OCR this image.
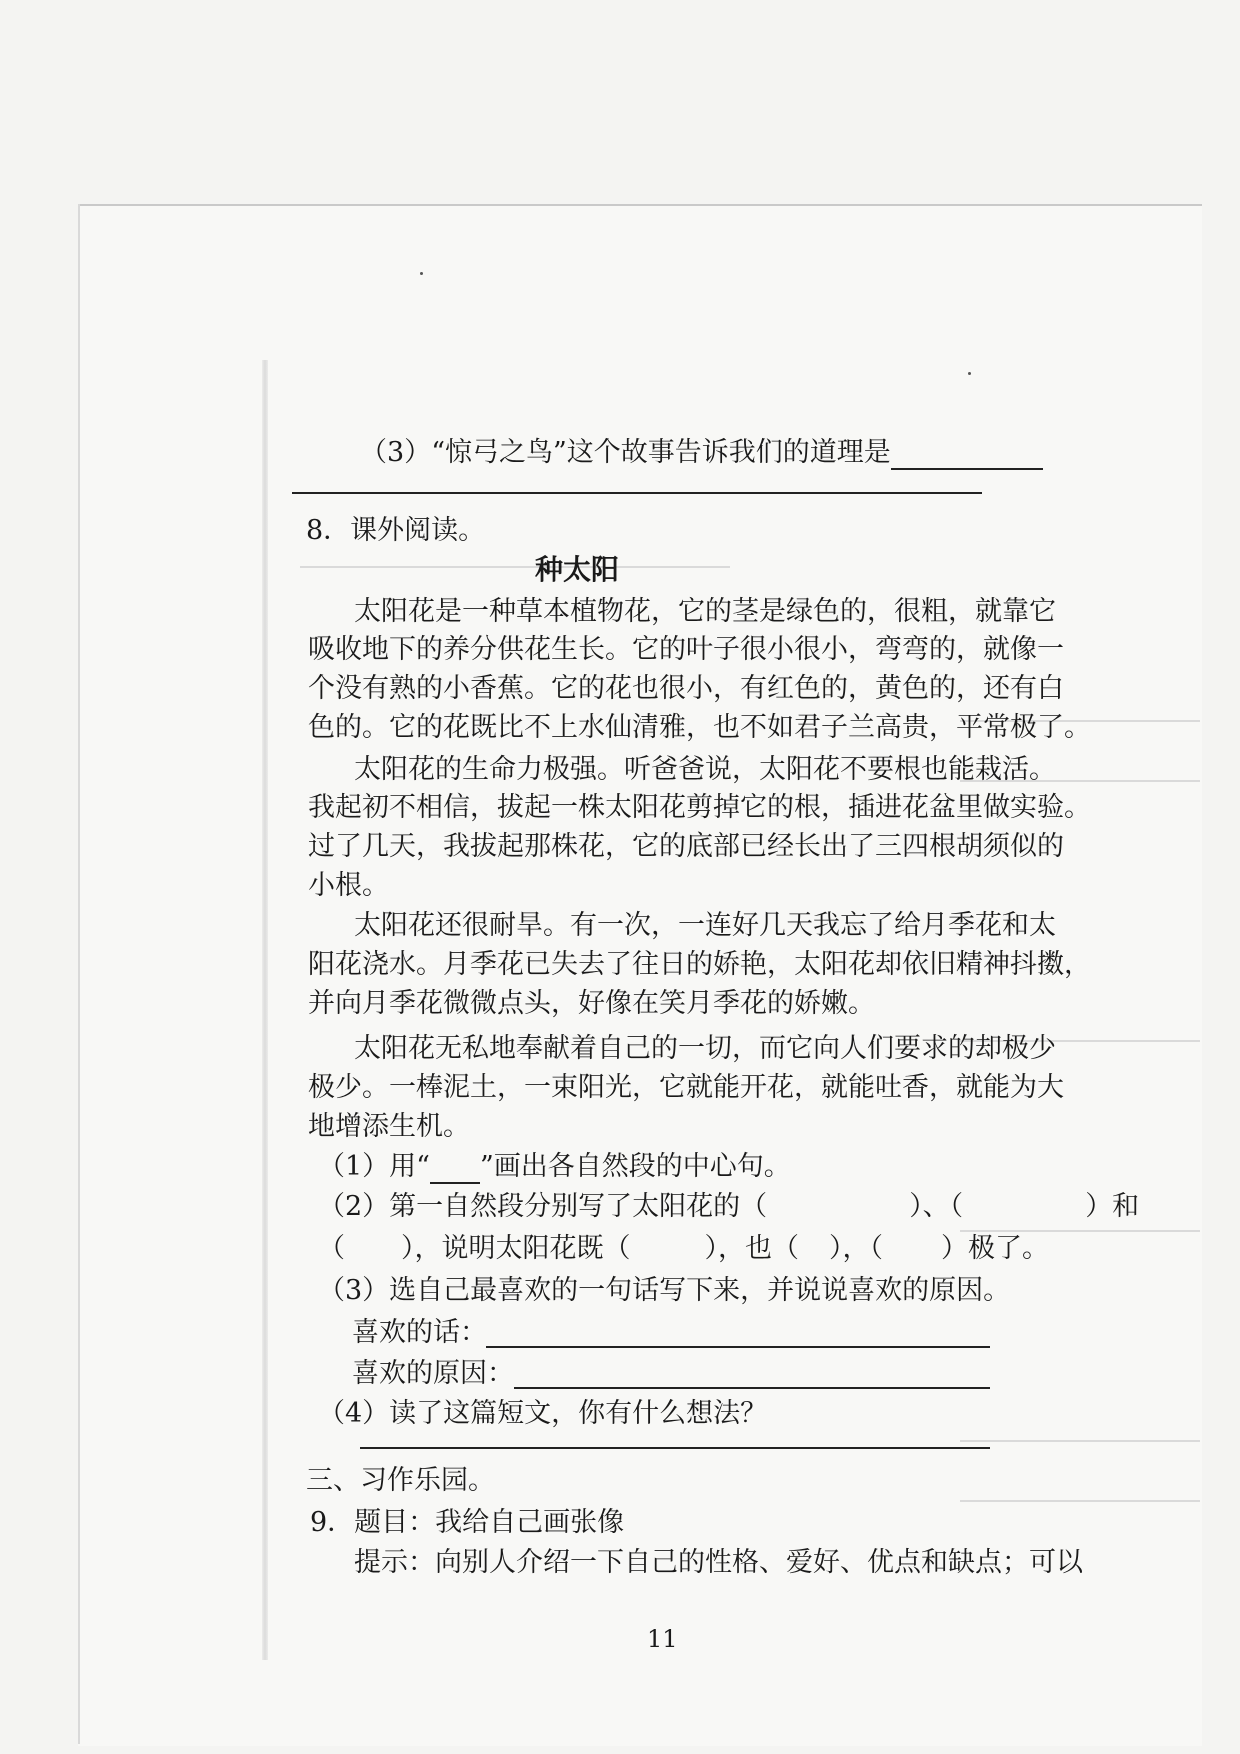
（3）“惊弓之鸟”这个故事告诉我们的道理是
8．课外阅读。
种太阳
太阳花是一种草本植物花，它的茎是绿色的，很粗，就靠它
吸收地下的养分供花生长。它的叶子很小很小，弯弯的，就像一
个没有熟的小香蕉。它的花也很小，有红色的，黄色的，还有白
色的。它的花既比不上水仙清雅，也不如君子兰高贵，平常极了。
太阳花的生命力极强。听爸爸说，太阳花不要根也能栽活。
我起初不相信，拔起一株太阳花剪掉它的根，插进花盆里做实验。
过了几天，我拔起那株花，它的底部已经长出了三四根胡须似的
小根。
太阳花还很耐旱。有一次，一连好几天我忘了给月季花和太
阳花浇水。月季花已失去了往日的娇艳，太阳花却依旧精神抖擞，
并向月季花微微点头，好像在笑月季花的娇嫩。
太阳花无私地奉献着自己的一切，而它向人们要求的却极少
极少。一棒泥土，一束阳光，它就能开花，就能吐香，就能为大
地增添生机。
（1）用“ ”画出各自然段的中心句。
（2）第一自然段分别写了太阳花的（	）、（	）和
（ ），说明太阳花既（	），也（ ），（ ）极了。
（3）选自己最喜欢的一句话写下来，并说说喜欢的原因。
喜欢的话：
喜欢的原因：
（4）读了这篇短文，你有什么想法？
三、习作乐园。
9．题目：我给自己画张像
提示：向别人介绍一下自己的性格、爱好、优点和缺点；可以
11
